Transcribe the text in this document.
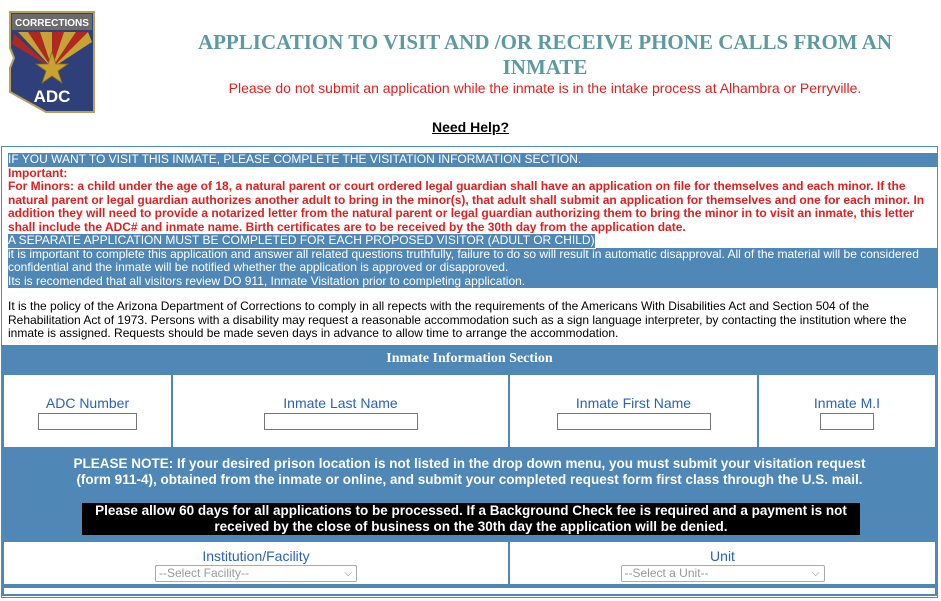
CORRECTIONS
ADC
APPLICATION TO VISIT AND /OR RECEIVE PHONE CALLS FROM AN INMATE
Please do not submit an application while the inmate is in the intake process at Alhambra or Perryville.
Need Help?
IF YOU WANT TO VISIT THIS INMATE, PLEASE COMPLETE THE VISITATION INFORMATION SECTION.
Important:
For Minors: a child under the age of 18, a natural parent or court ordered legal guardian shall have an application on file for themselves and each minor. If the natural parent or legal guardian authorizes another adult to bring in the minor(s), that adult shall submit an application for themselves and one for each minor. In addition they will need to provide a notarized letter from the natural parent or legal guardian authorizing them to bring the minor in to visit an inmate, this letter shall include the ADC# and inmate name. Birth certificates are to be received by the 30th day from the application date.
A SEPARATE APPLICATION MUST BE COMPLETED FOR EACH PROPOSED VISITOR (ADULT OR CHILD)
it is important to complete this application and answer all related questions truthfully, failure to do so will result in automatic disapproval. All of the material will be considered confidential and the inmate will be notified whether the application is approved or disapproved.
Its is recomended that all visitors review DO 911, Inmate Visitation prior to completing application.
It is the policy of the Arizona Department of Corrections to comply in all repects with the requirements of the Americans With Disabilities Act and Section 504 of the Rehabilitation Act of 1973. Persons with a disability may request a reasonable accommodation such as a sign language interpreter, by contacting the institution where the inmate is assigned. Requests should be made seven days in advance to allow time to arrange the accommodation.
Inmate Information Section
ADC Number	Inmate Last Name	Inmate First Name	Inmate M.I
PLEASE NOTE: If your desired prison location is not listed in the drop down menu, you must submit your visitation request (form 911-4), obtained from the inmate or online, and submit your completed request form first class through the U.S. mail.
Please allow 60 days for all applications to be processed. If a Background Check fee is required and a payment is not received by the close of business on the 30th day the application will be denied.
Institution/Facility
--Select Facility--	⌵
Unit
--Select a Unit--	⌵
